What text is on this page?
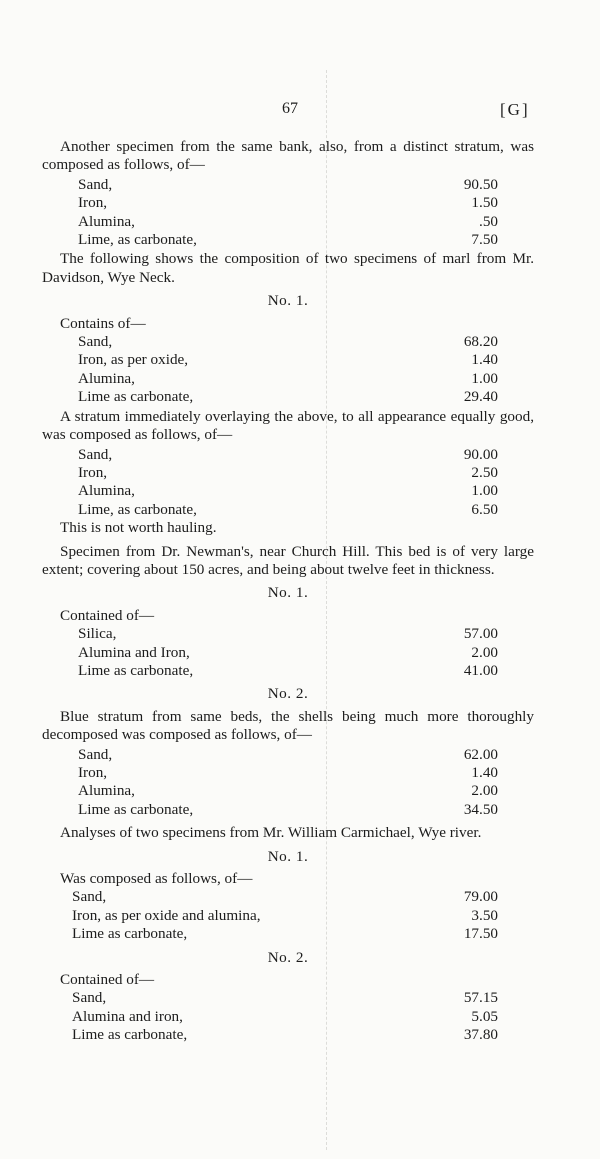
67	[G]
Another specimen from the same bank, also, from a distinct stratum, was composed as follows, of—
Sand,	90.50
Iron,	1.50
Alumina,	.50
Lime, as carbonate,	7.50
The following shows the composition of two specimens of marl from Mr. Davidson, Wye Neck.
No. 1.
Contains of—
Sand,	68.20
Iron, as per oxide,	1.40
Alumina,	1.00
Lime as carbonate,	29.40
A stratum immediately overlaying the above, to all appearance equally good, was composed as follows, of—
Sand,	90.00
Iron,	2.50
Alumina,	1.00
Lime, as carbonate,	6.50
This is not worth hauling.
Specimen from Dr. Newman's, near Church Hill. This bed is of very large extent; covering about 150 acres, and being about twelve feet in thickness.
No. 1.
Contained of—
Silica,	57.00
Alumina and Iron,	2.00
Lime as carbonate,	41.00
No. 2.
Blue stratum from same beds, the shells being much more thoroughly decomposed was composed as follows, of—
Sand,	62.00
Iron,	1.40
Alumina,	2.00
Lime as carbonate,	34.50
Analyses of two specimens from Mr. William Carmichael, Wye river.
No. 1.
Was composed as follows, of—
Sand,	79.00
Iron, as per oxide and alumina,	3.50
Lime as carbonate,	17.50
No. 2.
Contained of—
Sand,	57.15
Alumina and iron,	5.05
Lime as carbonate,	37.80
